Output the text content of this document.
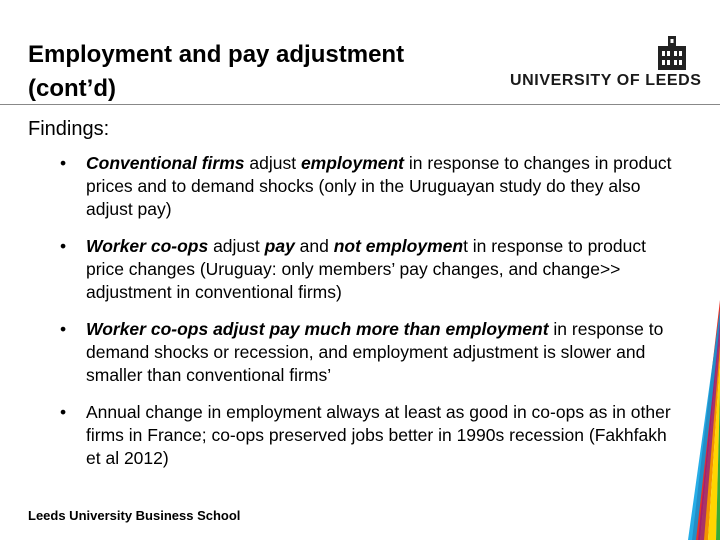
Employment and pay adjustment
(cont’d)	UNIVERSITY OF LEEDS
Findings:
• Conventional firms adjust employment in response to changes in product prices and to demand shocks (only in the Uruguayan study do they also adjust pay)
• Worker co-ops adjust pay and not employment in response to product price changes (Uruguay: only members’ pay changes, and change>> adjustment in conventional firms)
• Worker co-ops adjust pay much more than employment in response to demand shocks or recession, and employment adjustment is slower and smaller than conventional firms’
• Annual change in employment always at least as good in co-ops as in other firms in France; co-ops preserved jobs better in 1990s recession (Fakhfakh et al 2012)
Leeds University Business School
